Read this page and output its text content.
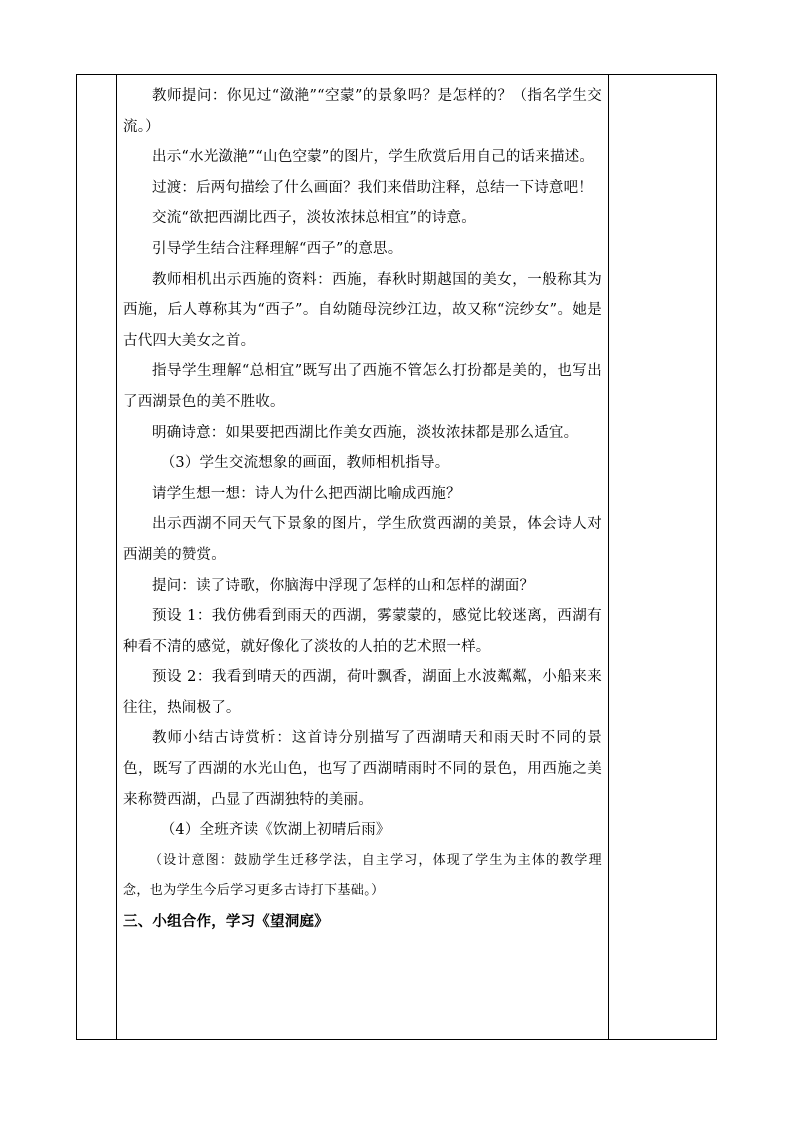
教师提问：你见过“潋滟”“空蒙”的景象吗？是怎样的？（指名学生交流。）

出示“水光潋滟”“山色空蒙”的图片，学生欣赏后用自己的话来描述。

过渡：后两句描绘了什么画面？我们来借助注释，总结一下诗意吧！

交流“欲把西湖比西子，淡妆浓抹总相宜”的诗意。

引导学生结合注释理解“西子”的意思。

教师相机出示西施的资料：西施，春秋时期越国的美女，一般称其为西施，后人尊称其为“西子”。自幼随母浣纱江边，故又称“浣纱女”。她是古代四大美女之首。

指导学生理解“总相宜”既写出了西施不管怎么打扮都是美的，也写出了西湖景色的美不胜收。

明确诗意：如果要把西湖比作美女西施，淡妆浓抹都是那么适宜。

（3）学生交流想象的画面，教师相机指导。

请学生想一想：诗人为什么把西湖比喻成西施？

出示西湖不同天气下景象的图片，学生欣赏西湖的美景，体会诗人对西湖美的赞赏。

提问：读了诗歌，你脑海中浮现了怎样的山和怎样的湖面？

预设 1：我仿佛看到雨天的西湖，雾蒙蒙的，感觉比较迷离，西湖有种看不清的感觉，就好像化了淡妆的人拍的艺术照一样。

预设 2：我看到晴天的西湖，荷叶飘香，湖面上水波粼粼，小船来来往往，热闹极了。

教师小结古诗赏析：这首诗分别描写了西湖晴天和雨天时不同的景色，既写了西湖的水光山色，也写了西湖晴雨时不同的景色，用西施之美来称赞西湖，凸显了西湖独特的美丽。

（4）全班齐读《饮湖上初晴后雨》

（设计意图：鼓励学生迁移学法，自主学习，体现了学生为主体的教学理念，也为学生今后学习更多古诗打下基础。）

三、小组合作，学习《望洞庭》
